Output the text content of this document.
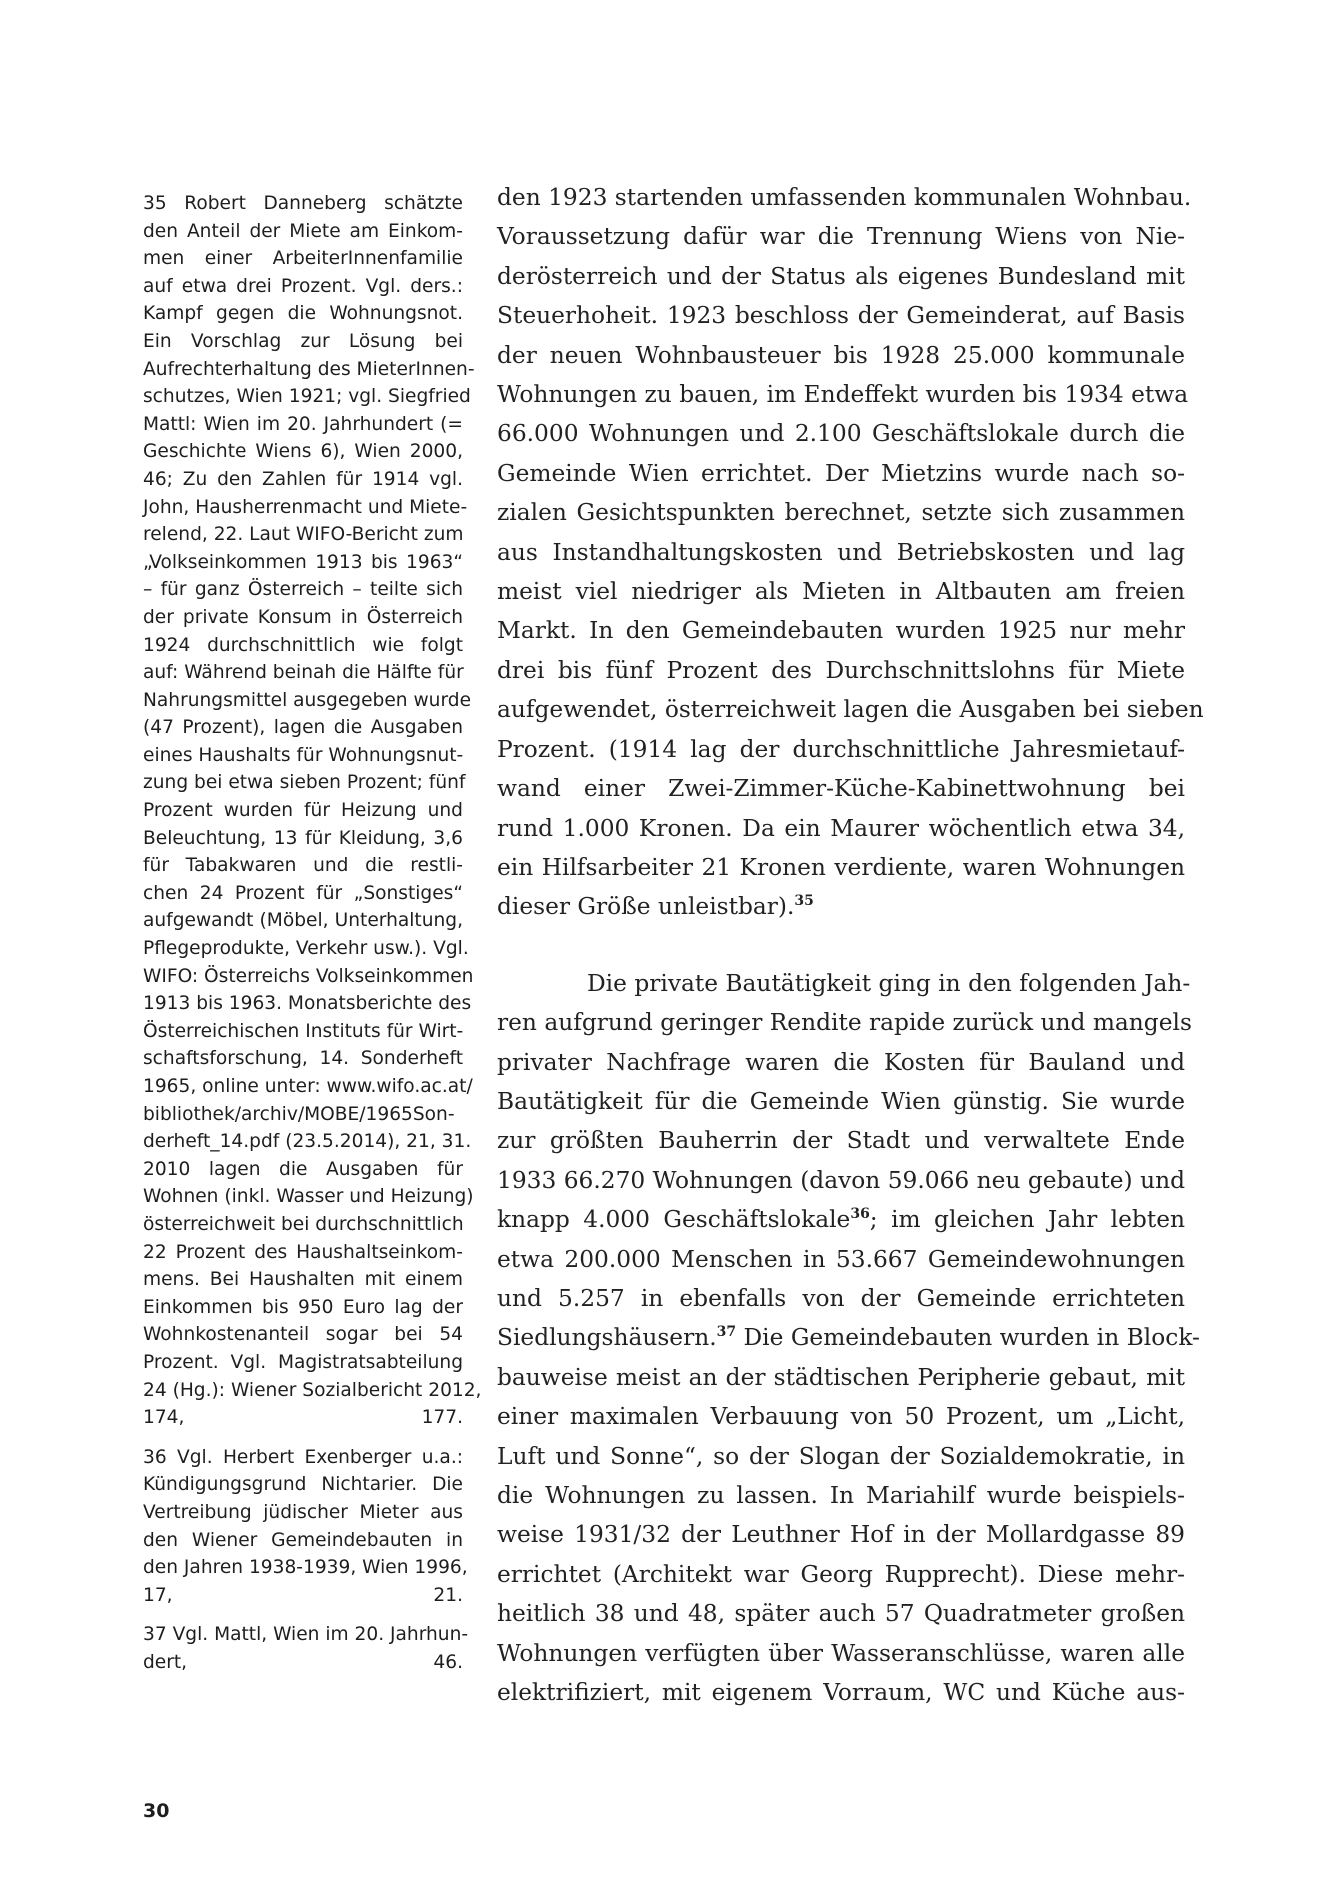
35 Robert Danneberg schätzte
den Anteil der Miete am Einkom-
men einer ArbeiterInnenfamilie
auf etwa drei Prozent. Vgl. ders.:
Kampf gegen die Wohnungsnot.
Ein Vorschlag zur Lösung bei
Aufrechterhaltung des MieterInnen-
schutzes, Wien 1921; vgl. Siegfried
Mattl: Wien im 20. Jahrhundert (=
Geschichte Wiens 6), Wien 2000,
46; Zu den Zahlen für 1914 vgl.
John, Hausherrenmacht und Miete-
relend, 22. Laut WIFO-Bericht zum
„Volkseinkommen 1913 bis 1963“
– für ganz Österreich – teilte sich
der private Konsum in Österreich
1924 durchschnittlich wie folgt
auf: Während beinah die Hälfte für
Nahrungsmittel ausgegeben wurde
(47 Prozent), lagen die Ausgaben
eines Haushalts für Wohnungsnut-
zung bei etwa sieben Prozent; fünf
Prozent wurden für Heizung und
Beleuchtung, 13 für Kleidung, 3,6
für Tabakwaren und die restli-
chen 24 Prozent für „Sonstiges“
aufgewandt (Möbel, Unterhaltung,
Pflegeprodukte, Verkehr usw.). Vgl.
WIFO: Österreichs Volkseinkommen
1913 bis 1963. Monatsberichte des
Österreichischen Instituts für Wirt-
schaftsforschung, 14. Sonderheft
1965, online unter: www.wifo.ac.at/
bibliothek/archiv/MOBE/1965Son-
derheft_14.pdf (23.5.2014), 21, 31.
2010 lagen die Ausgaben für
Wohnen (inkl. Wasser und Heizung)
österreichweit bei durchschnittlich
22 Prozent des Haushaltseinkom-
mens. Bei Haushalten mit einem
Einkommen bis 950 Euro lag der
Wohnkostenanteil sogar bei 54
Prozent. Vgl. Magistratsabteilung
24 (Hg.): Wiener Sozialbericht 2012,
174, 177.
36 Vgl. Herbert Exenberger u.a.:
Kündigungsgrund Nichtarier. Die
Vertreibung jüdischer Mieter aus
den Wiener Gemeindebauten in
den Jahren 1938-1939, Wien 1996,
17, 21.
37 Vgl. Mattl, Wien im 20. Jahrhun-
dert, 46.
den 1923 startenden umfassenden kommunalen Wohnbau.
Voraussetzung dafür war die Trennung Wiens von Nie-
derösterreich und der Status als eigenes Bundesland mit
Steuerhoheit. 1923 beschloss der Gemeinderat, auf Basis
der neuen Wohnbausteuer bis 1928 25.000 kommunale
Wohnungen zu bauen, im Endeffekt wurden bis 1934 etwa
66.000 Wohnungen und 2.100 Geschäftslokale durch die
Gemeinde Wien errichtet. Der Mietzins wurde nach so-
zialen Gesichtspunkten berechnet, setzte sich zusammen
aus Instandhaltungskosten und Betriebskosten und lag
meist viel niedriger als Mieten in Altbauten am freien
Markt. In den Gemeindebauten wurden 1925 nur mehr
drei bis fünf Prozent des Durchschnittslohns für Miete
aufgewendet, österreichweit lagen die Ausgaben bei sieben
Prozent. (1914 lag der durchschnittliche Jahresmietauf-
wand einer Zwei-Zimmer-Küche-Kabinettwohnung bei
rund 1.000 Kronen. Da ein Maurer wöchentlich etwa 34,
ein Hilfsarbeiter 21 Kronen verdiente, waren Wohnungen
dieser Größe unleistbar).$^{35}$
Die private Bautätigkeit ging in den folgenden Jah-
ren aufgrund geringer Rendite rapide zurück und mangels
privater Nachfrage waren die Kosten für Bauland und
Bautätigkeit für die Gemeinde Wien günstig. Sie wurde
zur größten Bauherrin der Stadt und verwaltete Ende
1933 66.270 Wohnungen (davon 59.066 neu gebaute) und
knapp 4.000 Geschäftslokale$^{36}$; im gleichen Jahr lebten
etwa 200.000 Menschen in 53.667 Gemeindewohnungen
und 5.257 in ebenfalls von der Gemeinde errichteten
Siedlungshäusern.$^{37}$ Die Gemeindebauten wurden in Block-
bauweise meist an der städtischen Peripherie gebaut, mit
einer maximalen Verbauung von 50 Prozent, um „Licht,
Luft und Sonne“, so der Slogan der Sozialdemokratie, in
die Wohnungen zu lassen. In Mariahilf wurde beispiels-
weise 1931/32 der Leuthner Hof in der Mollardgasse 89
errichtet (Architekt war Georg Rupprecht). Diese mehr-
heitlich 38 und 48, später auch 57 Quadratmeter großen
Wohnungen verfügten über Wasseranschlüsse, waren alle
elektrifiziert, mit eigenem Vorraum, WC und Küche aus-
30
